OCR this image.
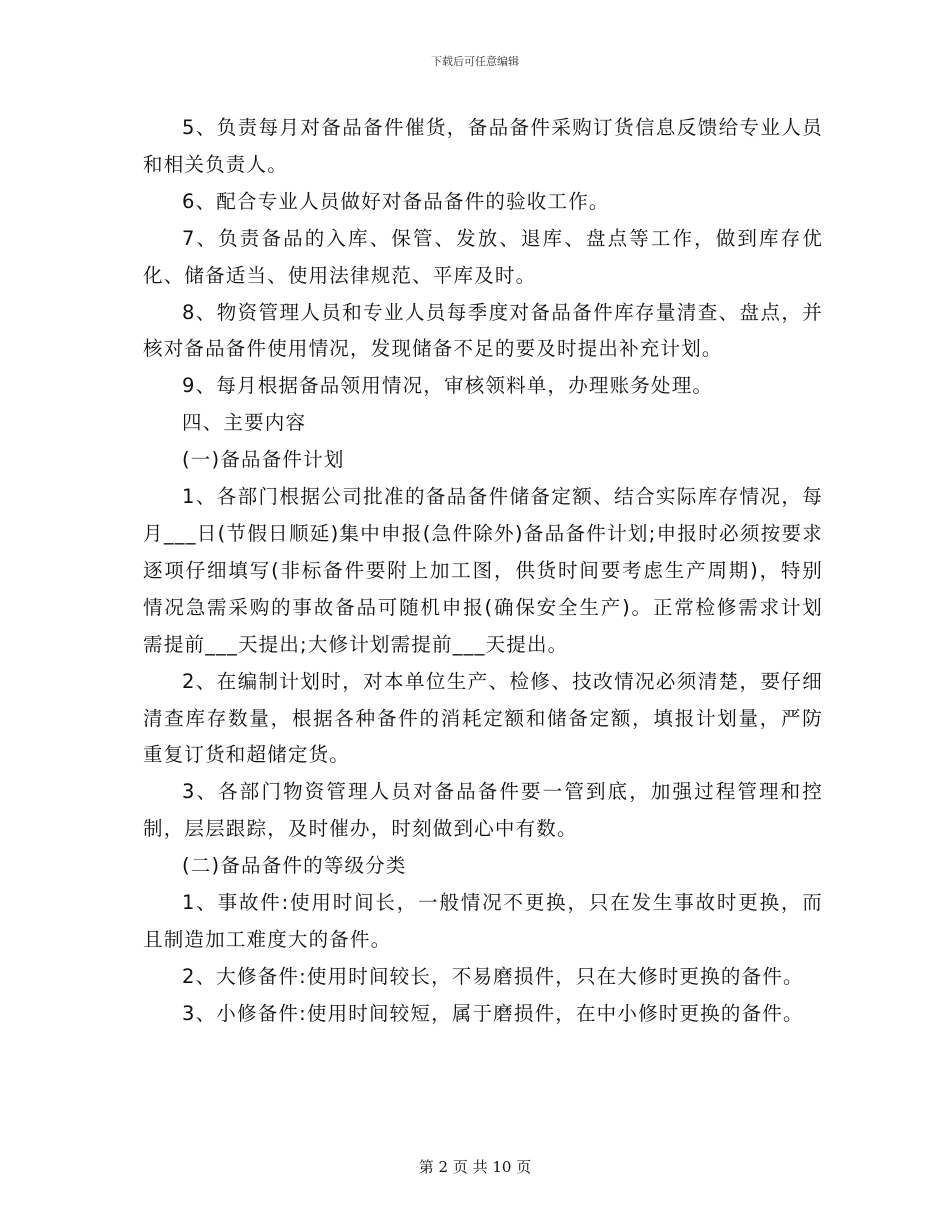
下载后可任意编辑

5、负责每月对备品备件催货，备品备件采购订货信息反馈给专业人员和相关负责人。

6、配合专业人员做好对备品备件的验收工作。

7、负责备品的入库、保管、发放、退库、盘点等工作，做到库存优化、储备适当、使用法律规范、平库及时。

8、物资管理人员和专业人员每季度对备品备件库存量清查、盘点，并核对备品备件使用情况，发现储备不足的要及时提出补充计划。

9、每月根据备品领用情况，审核领料单，办理账务处理。

四、主要内容

(一)备品备件计划

1、各部门根据公司批准的备品备件储备定额、结合实际库存情况，每月___日(节假日顺延)集中申报(急件除外)备品备件计划;申报时必须按要求逐项仔细填写(非标备件要附上加工图，供货时间要考虑生产周期)，特别情况急需采购的事故备品可随机申报(确保安全生产)。正常检修需求计划需提前___天提出;大修计划需提前___天提出。

2、在编制计划时，对本单位生产、检修、技改情况必须清楚，要仔细清查库存数量，根据各种备件的消耗定额和储备定额，填报计划量，严防重复订货和超储定货。

3、各部门物资管理人员对备品备件要一管到底，加强过程管理和控制，层层跟踪，及时催办，时刻做到心中有数。

(二)备品备件的等级分类

1、事故件:使用时间长，一般情况不更换，只在发生事故时更换，而且制造加工难度大的备件。

2、大修备件:使用时间较长，不易磨损件，只在大修时更换的备件。

3、小修备件:使用时间较短，属于磨损件，在中小修时更换的备件。

第 2 页 共 10 页
